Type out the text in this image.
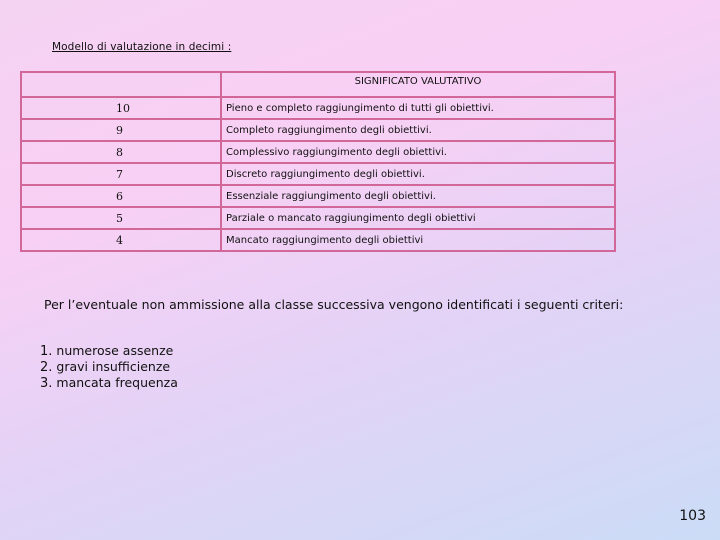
Modello di valutazione in decimi :
	SIGNIFICATO VALUTATIVO
10	Pieno e completo raggiungimento di tutti gli obiettivi.
9	Completo raggiungimento degli obiettivi.
8	Complessivo raggiungimento degli obiettivi.
7	Discreto raggiungimento degli obiettivi.
6	Essenziale raggiungimento degli obiettivi.
5	Parziale o mancato raggiungimento degli obiettivi
4	Mancato raggiungimento degli obiettivi
Per l’eventuale non ammissione alla classe successiva vengono identificati i seguenti criteri:
1. numerose assenze
2. gravi insufficienze
3. mancata frequenza
103
